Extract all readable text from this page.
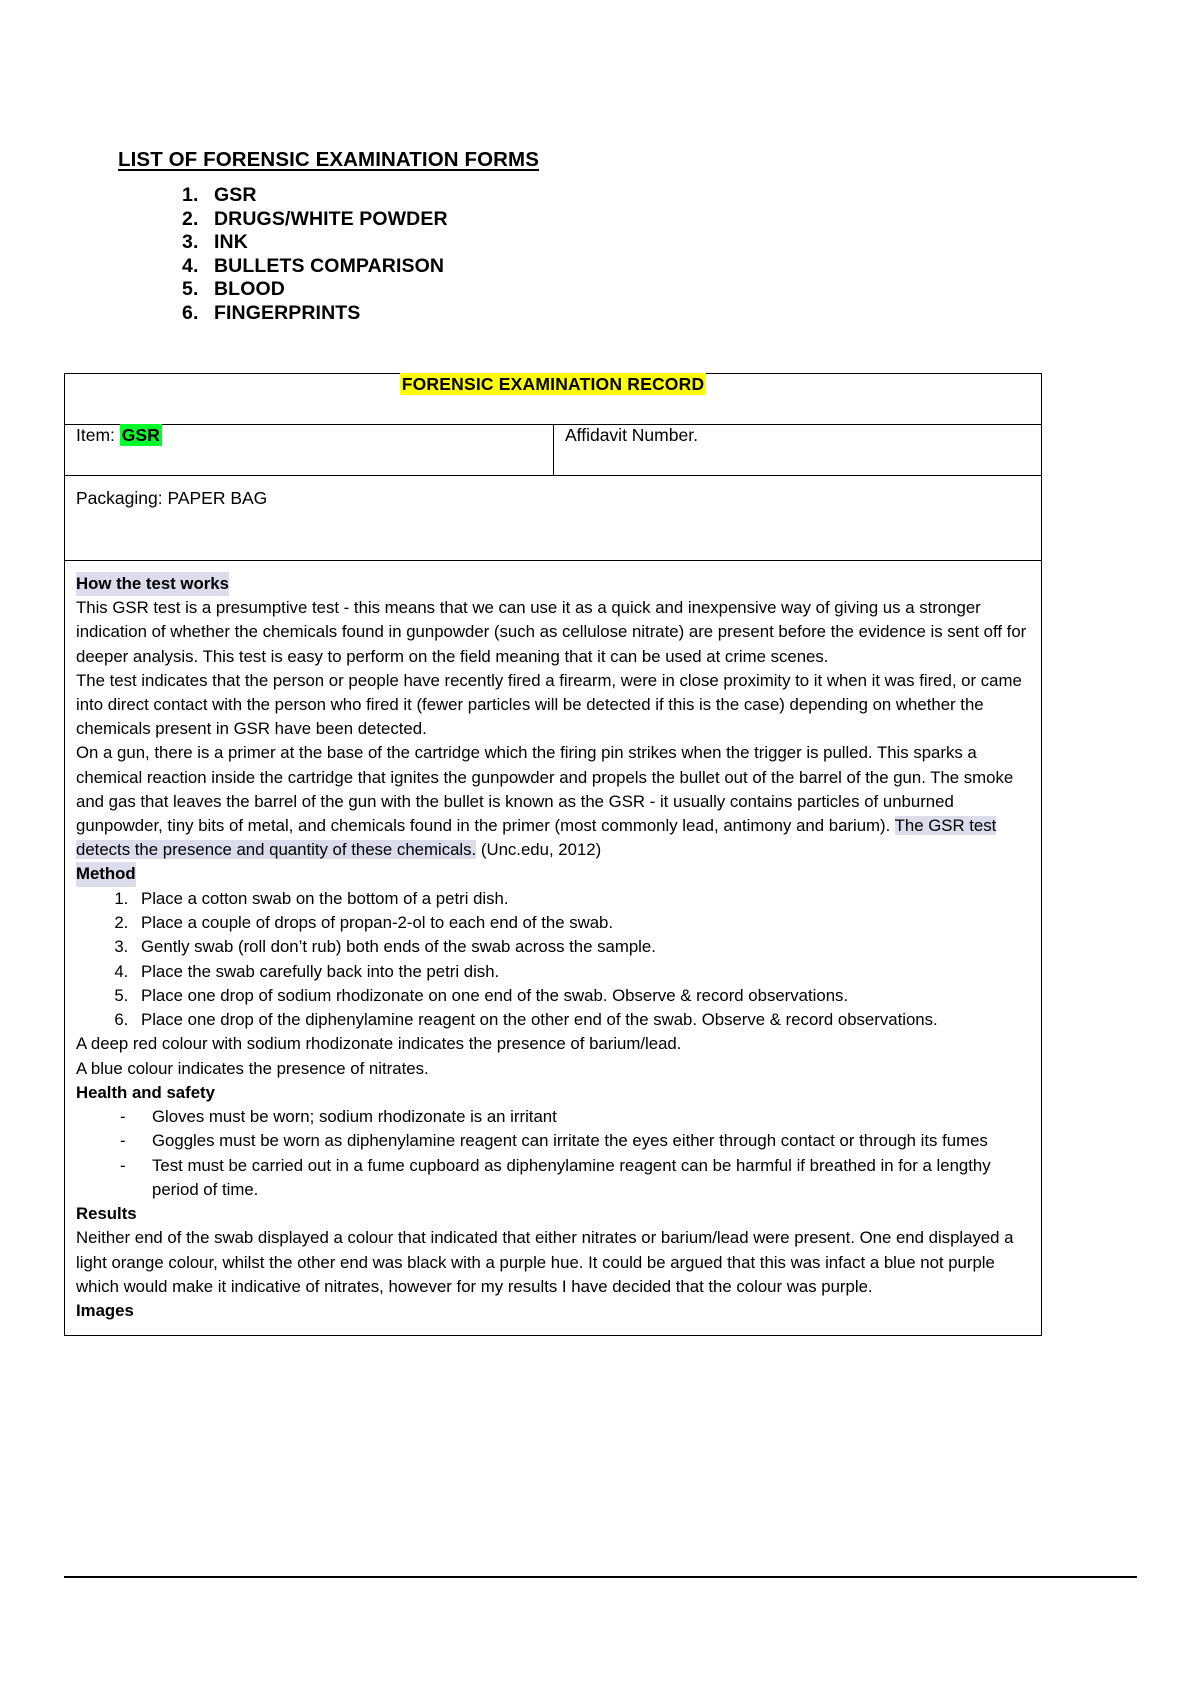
LIST OF FORENSIC EXAMINATION FORMS
1. GSR
2. DRUGS/WHITE POWDER
3. INK
4. BULLETS COMPARISON
5. BLOOD
6. FINGERPRINTS
FORENSIC EXAMINATION RECORD
Item: GSR	Affidavit Number.
Packaging: PAPER BAG

How the test works

This GSR test is a presumptive test - this means that we can use it as a quick and inexpensive way of giving us a stronger indication of whether the chemicals found in gunpowder (such as cellulose nitrate) are present before the evidence is sent off for deeper analysis. This test is easy to perform on the field meaning that it can be used at crime scenes.

The test indicates that the person or people have recently fired a firearm, were in close proximity to it when it was fired, or came into direct contact with the person who fired it (fewer particles will be detected if this is the case) depending on whether the chemicals present in GSR have been detected.

On a gun, there is a primer at the base of the cartridge which the firing pin strikes when the trigger is pulled. This sparks a chemical reaction inside the cartridge that ignites the gunpowder and propels the bullet out of the barrel of the gun. The smoke and gas that leaves the barrel of the gun with the bullet is known as the GSR - it usually contains particles of unburned gunpowder, tiny bits of metal, and chemicals found in the primer (most commonly lead, antimony and barium). The GSR test detects the presence and quantity of these chemicals. (Unc.edu, 2012)

Method

1. Place a cotton swab on the bottom of a petri dish.
2. Place a couple of drops of propan-2-ol to each end of the swab.
3. Gently swab (roll don’t rub) both ends of the swab across the sample.
4. Place the swab carefully back into the petri dish.
5. Place one drop of sodium rhodizonate on one end of the swab. Observe & record observations.
6. Place one drop of the diphenylamine reagent on the other end of the swab. Observe & record observations.

A deep red colour with sodium rhodizonate indicates the presence of barium/lead.

A blue colour indicates the presence of nitrates.

Health and safety

- Gloves must be worn; sodium rhodizonate is an irritant
- Goggles must be worn as diphenylamine reagent can irritate the eyes either through contact or through its fumes
- Test must be carried out in a fume cupboard as diphenylamine reagent can be harmful if breathed in for a lengthy period of time.

Results

Neither end of the swab displayed a colour that indicated that either nitrates or barium/lead were present. One end displayed a light orange colour, whilst the other end was black with a purple hue. It could be argued that this was infact a blue not purple which would make it indicative of nitrates, however for my results I have decided that the colour was purple.

Images
